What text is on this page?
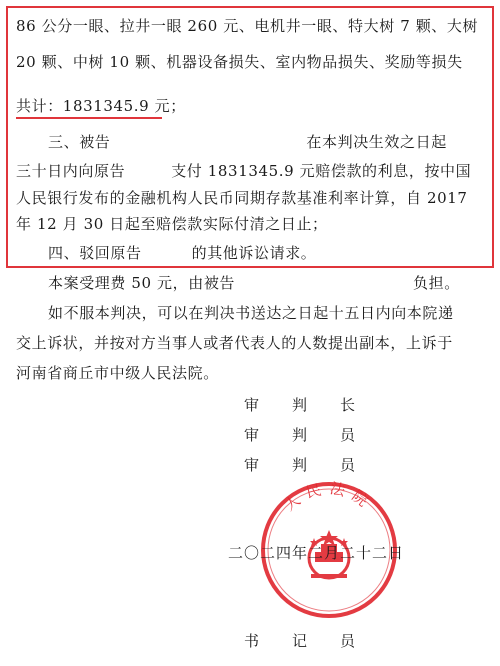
86 公分一眼、拉井一眼 260 元、电机井一眼、特大树 7 颗、大树
20 颗、中树 10 颗、机器设备损失、室内物品损失、奖励等损失
共计：1831345.9 元；
三、被告	在本判决生效之日起
三十日内向原告	支付 1831345.9 元赔偿款的利息，按中国
人民银行发布的金融机构人民币同期存款基准利率计算，自 2017
年 12 月 30 日起至赔偿款实际付清之日止；
四、驳回原告	的其他诉讼请求。
本案受理费 50 元，由被告	负担。
如不服本判决，可以在判决书送达之日起十五日内向本院递
交上诉状，并按对方当事人或者代表人的人数提出副本，上诉于
河南省商丘市中级人民法院。
审 判 长
审 判 员
审 判 员
人民法院
二〇二四年二月二十二日
书 记 员
